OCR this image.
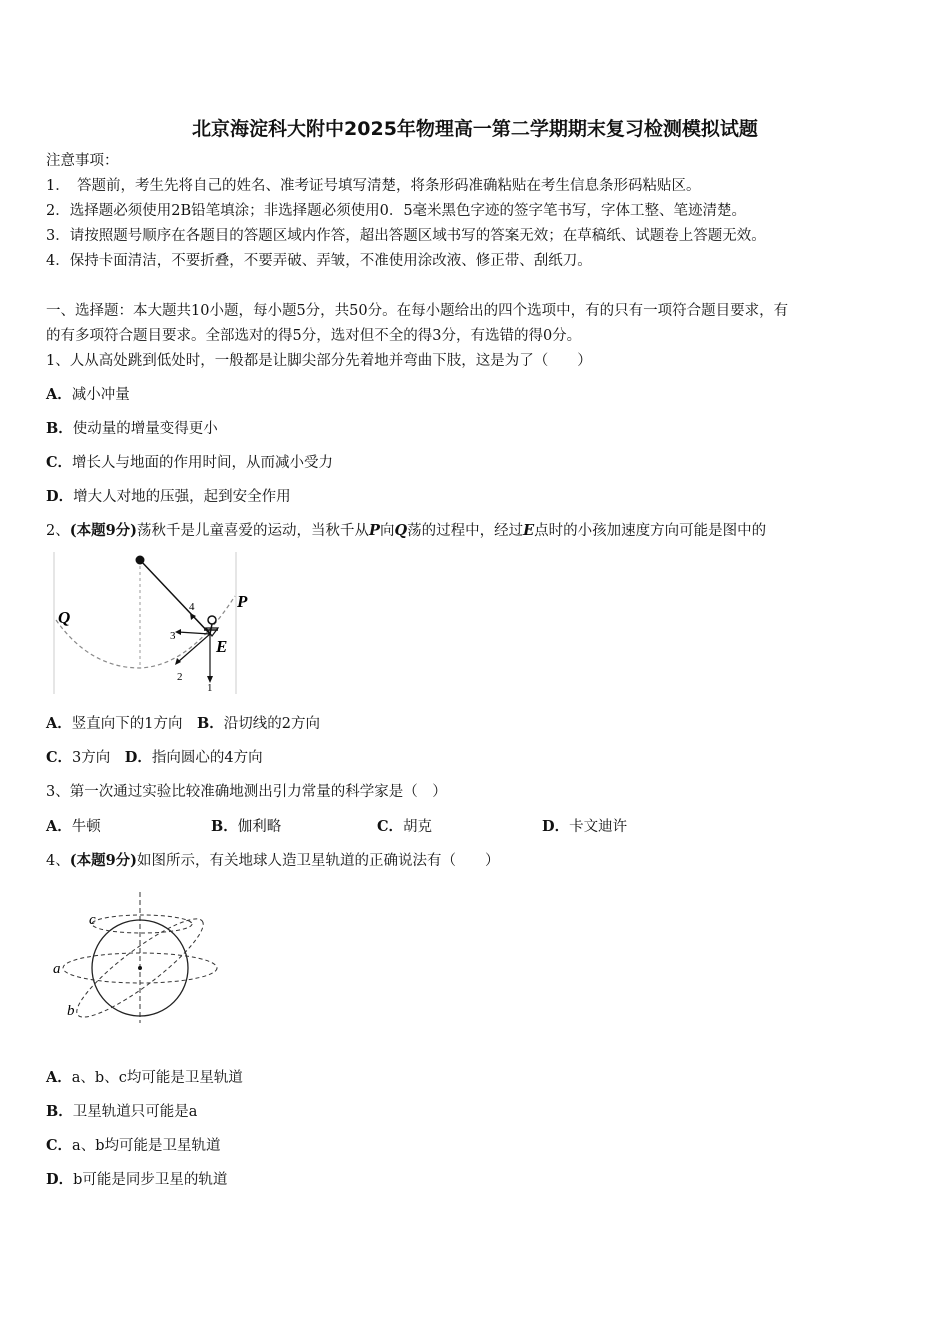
北京海淀科大附中2025年物理高一第二学期期末复习检测模拟试题
注意事项：
1．　答题前，考生先将自己的姓名、准考证号填写清楚，将条形码准确粘贴在考生信息条形码粘贴区。
2．选择题必须使用2B铅笔填涂；非选择题必须使用0．5毫米黑色字迹的签字笔书写，字体工整、笔迹清楚。
3．请按照题号顺序在各题目的答题区域内作答，超出答题区域书写的答案无效；在草稿纸、试题卷上答题无效。
4．保持卡面清洁，不要折叠，不要弄破、弄皱，不准使用涂改液、修正带、刮纸刀。
一、选择题：本大题共10小题，每小题5分，共50分。在每小题给出的四个选项中，有的只有一项符合题目要求，有
的有多项符合题目要求。全部选对的得5分，选对但不全的得3分，有选错的得0分。
1、人从高处跳到低处时，一般都是让脚尖部分先着地并弯曲下肢，这是为了（　　）
A．减小冲量
B．使动量的增量变得更小
C．增长人与地面的作用时间，从而减小受力
D．增大人对地的压强，起到安全作用
2、(本题9分)荡秋千是儿童喜爱的运动，当秋千从P向Q荡的过程中，经过E点时的小孩加速度方向可能是图中的
Q
P
E
1
2
3
4
A．竖直向下的1方向　 B．沿切线的2方向
C．3方向　 D．指向圆心的4方向
3、第一次通过实验比较准确地测出引力常量的科学家是（　）
A．牛顿	B．伽利略	C．胡克	D．卡文迪许
4、(本题9分)如图所示，有关地球人造卫星轨道的正确说法有（　　）
c
a
b
A．a、b、c均可能是卫星轨道
B．卫星轨道只可能是a
C．a、b均可能是卫星轨道
D．b可能是同步卫星的轨道
